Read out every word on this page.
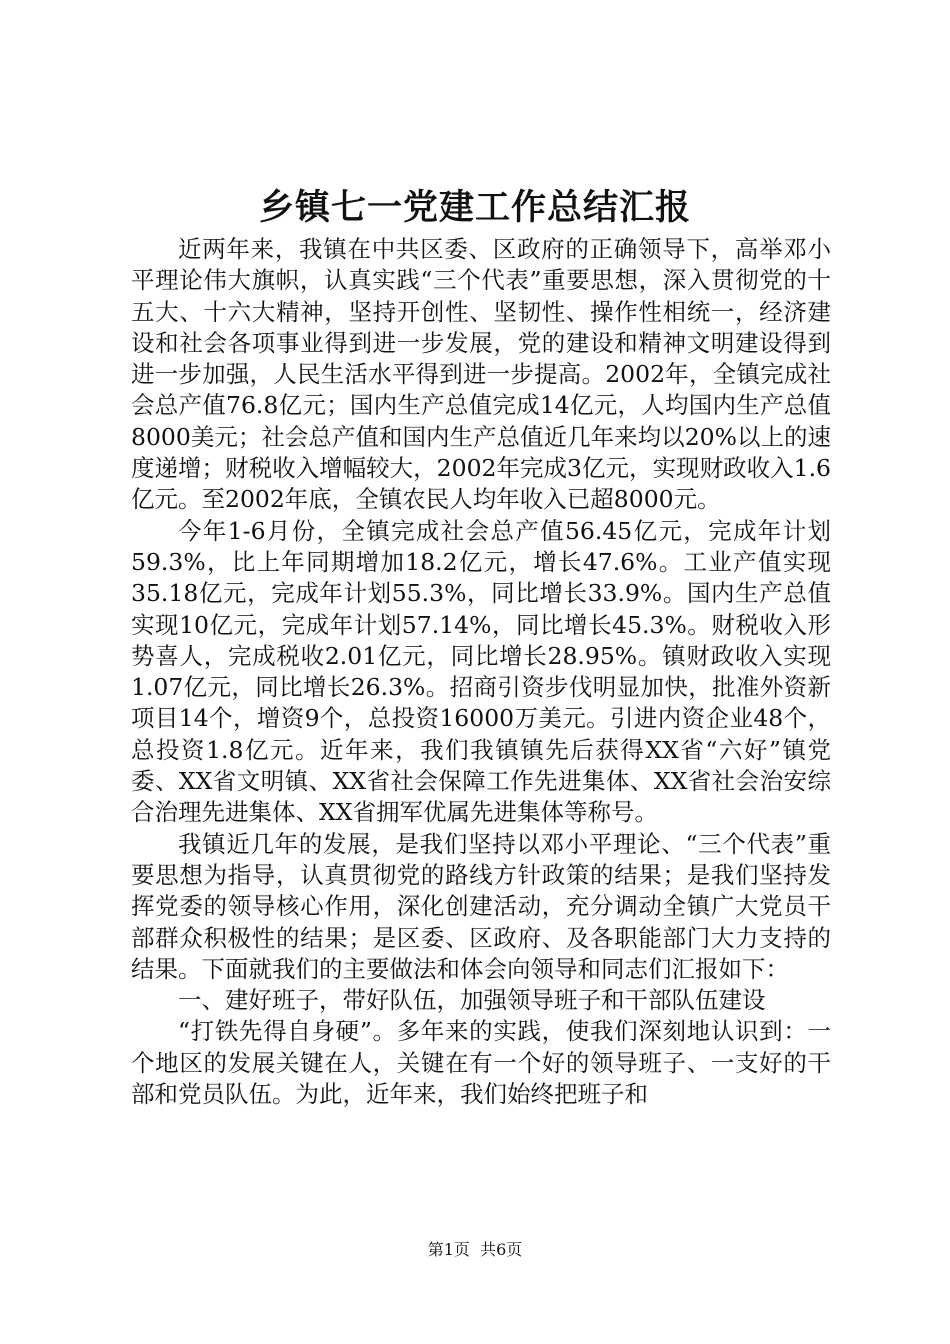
乡镇七一党建工作总结汇报

近两年来，我镇在中共区委、区政府的正确领导下，高举邓小平理论伟大旗帜，认真实践“三个代表”重要思想，深入贯彻党的十五大、十六大精神，坚持开创性、坚韧性、操作性相统一，经济建设和社会各项事业得到进一步发展，党的建设和精神文明建设得到进一步加强，人民生活水平得到进一步提高。2002年，全镇完成社会总产值76.8亿元；国内生产总值完成14亿元，人均国内生产总值8000美元；社会总产值和国内生产总值近几年来均以20%以上的速度递增；财税收入增幅较大，2002年完成3亿元，实现财政收入1.6亿元。至2002年底，全镇农民人均年收入已超8000元。

今年1-6月份，全镇完成社会总产值56.45亿元，完成年计划59.3%，比上年同期增加18.2亿元，增长47.6%。工业产值实现35.18亿元，完成年计划55.3%，同比增长33.9%。国内生产总值实现10亿元，完成年计划57.14%，同比增长45.3%。财税收入形势喜人，完成税收2.01亿元，同比增长28.95%。镇财政收入实现1.07亿元，同比增长26.3%。招商引资步伐明显加快，批准外资新项目14个，增资9个，总投资16000万美元。引进内资企业48个，总投资1.8亿元。近年来，我们我镇镇先后获得XX省“六好”镇党委、XX省文明镇、XX省社会保障工作先进集体、XX省社会治安综合治理先进集体、XX省拥军优属先进集体等称号。

我镇近几年的发展，是我们坚持以邓小平理论、“三个代表”重要思想为指导，认真贯彻党的路线方针政策的结果；是我们坚持发挥党委的领导核心作用，深化创建活动，充分调动全镇广大党员干部群众积极性的结果；是区委、区政府、及各职能部门大力支持的结果。下面就我们的主要做法和体会向领导和同志们汇报如下：

一、建好班子，带好队伍，加强领导班子和干部队伍建设

“打铁先得自身硬”。多年来的实践，使我们深刻地认识到：一个地区的发展关键在人，关键在有一个好的领导班子、一支好的干部和党员队伍。为此，近年来，我们始终把班子和

第1页  共6页
